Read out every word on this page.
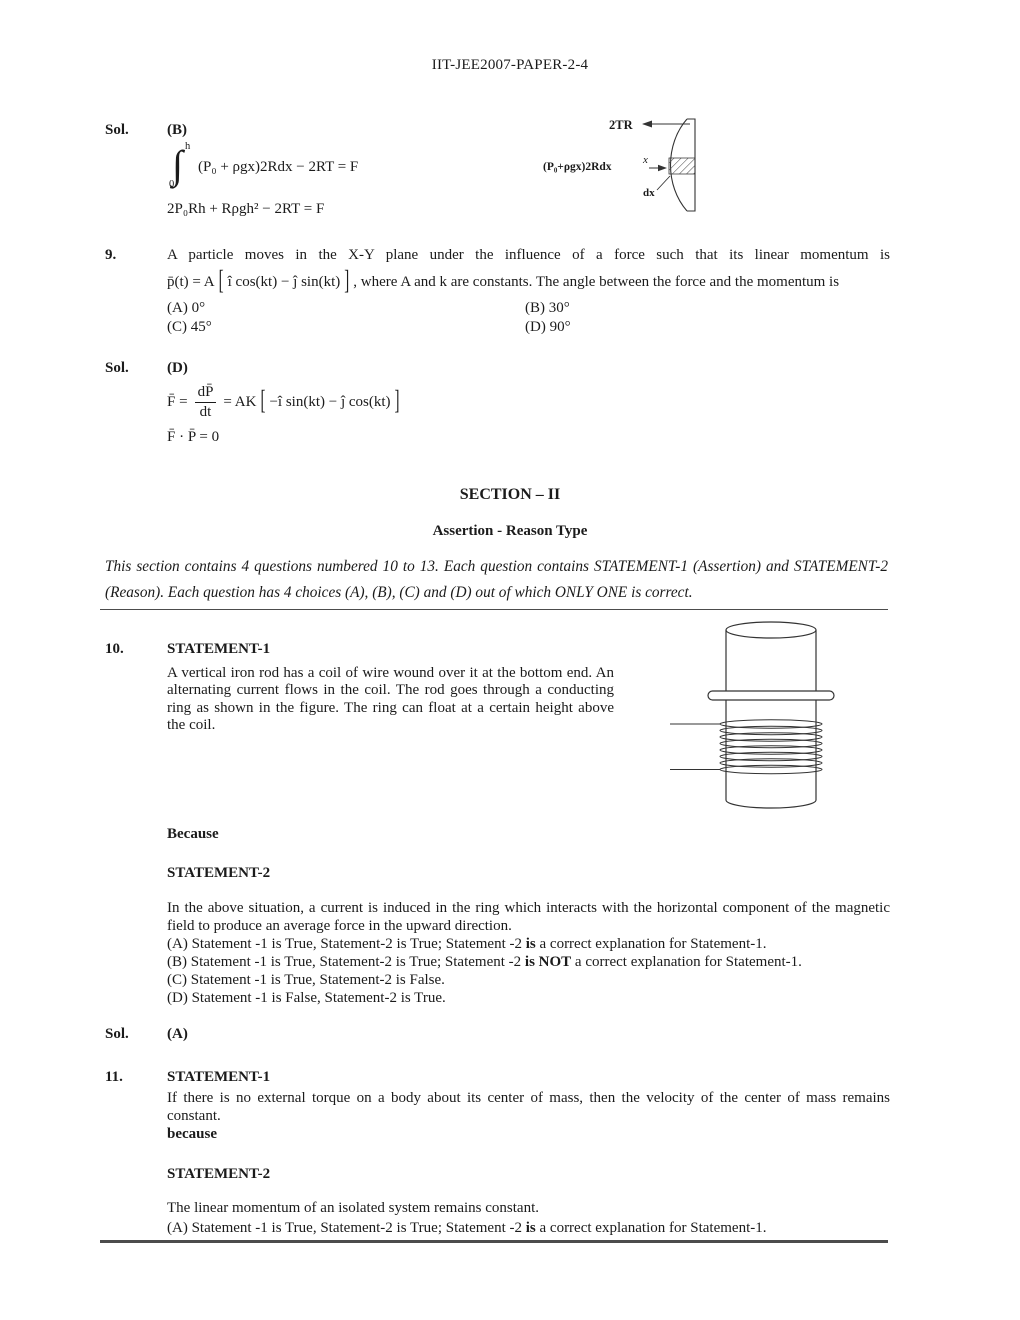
IIT-JEE2007-PAPER-2-4
Sol.	(B)
∫ h
0
(P₀ + ρgx)2Rdx − 2RT = F
2P₀Rh + Rρgh² − 2RT = F
2TR
(P₀+ρgx)2Rdx
x
dx
9.	A particle moves in the X-Y plane under the influence of a force such that its linear momentum is
p̄(t) = A [ î cos(kt) − ĵ sin(kt) ] , where A and k are constants. The angle between the force and the momentum is
(A) 0°	(B) 30°
(C) 45°	(D) 90°
Sol.	(D)
F̄ = $\frac{dP̄}{dt}$ = AK [ −î sin(kt) − ĵ cos(kt) ]
F̄ · P̄ = 0
SECTION – II
Assertion - Reason Type
This section contains 4 questions numbered 10 to 13. Each question contains STATEMENT-1 (Assertion) and STATEMENT-2 (Reason). Each question has 4 choices (A), (B), (C) and (D) out of which ONLY ONE is correct.
10.	STATEMENT-1
A vertical iron rod has a coil of wire wound over it at the bottom end. An alternating current flows in the coil. The rod goes through a conducting ring as shown in the figure. The ring can float at a certain height above the coil.
Because
STATEMENT-2
In the above situation, a current is induced in the ring which interacts with the horizontal component of the magnetic field to produce an average force in the upward direction.
(A) Statement -1 is True, Statement-2 is True; Statement -2 is a correct explanation for Statement-1.
(B) Statement -1 is True, Statement-2 is True; Statement -2 is NOT a correct explanation for Statement-1.
(C) Statement -1 is True, Statement-2 is False.
(D) Statement -1 is False, Statement-2 is True.
Sol.	(A)
11.	STATEMENT-1
If there is no external torque on a body about its center of mass, then the velocity of the center of mass remains constant.
because
STATEMENT-2
The linear momentum of an isolated system remains constant.
(A) Statement -1 is True, Statement-2 is True; Statement -2 is a correct explanation for Statement-1.
